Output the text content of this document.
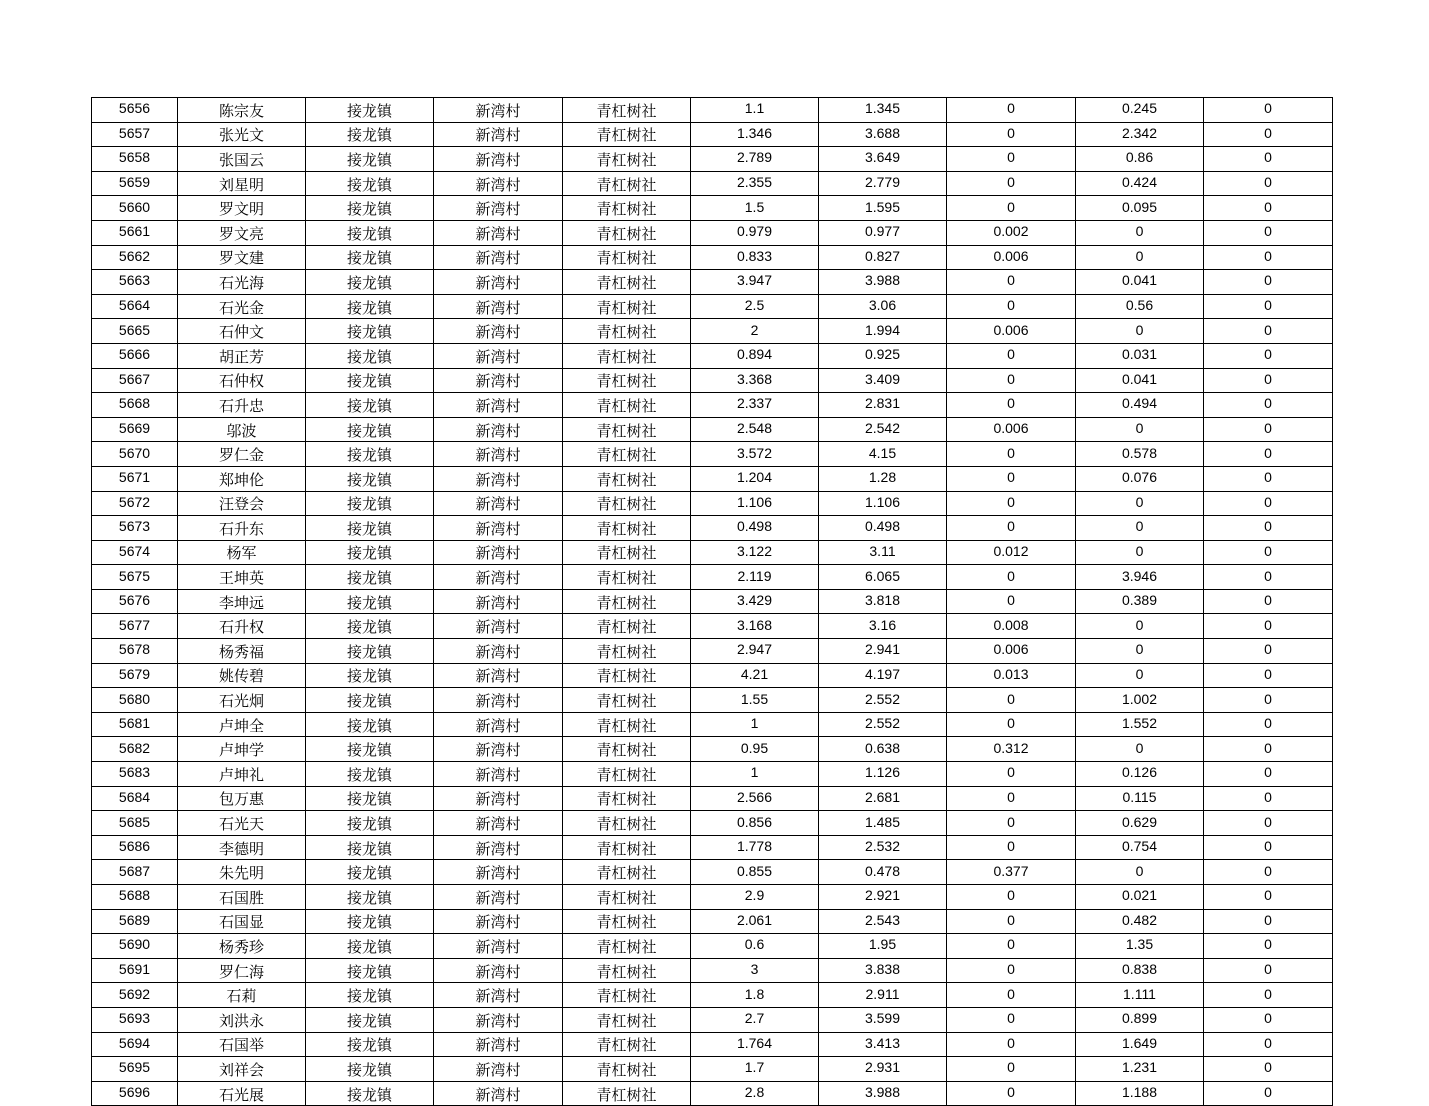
5656	陈宗友	接龙镇	新湾村	青杠树社	1.1	1.345	0	0.245	0
5657	张光文	接龙镇	新湾村	青杠树社	1.346	3.688	0	2.342	0
5658	张国云	接龙镇	新湾村	青杠树社	2.789	3.649	0	0.86	0
5659	刘星明	接龙镇	新湾村	青杠树社	2.355	2.779	0	0.424	0
5660	罗文明	接龙镇	新湾村	青杠树社	1.5	1.595	0	0.095	0
5661	罗文亮	接龙镇	新湾村	青杠树社	0.979	0.977	0.002	0	0
5662	罗文建	接龙镇	新湾村	青杠树社	0.833	0.827	0.006	0	0
5663	石光海	接龙镇	新湾村	青杠树社	3.947	3.988	0	0.041	0
5664	石光金	接龙镇	新湾村	青杠树社	2.5	3.06	0	0.56	0
5665	石仲文	接龙镇	新湾村	青杠树社	2	1.994	0.006	0	0
5666	胡正芳	接龙镇	新湾村	青杠树社	0.894	0.925	0	0.031	0
5667	石仲权	接龙镇	新湾村	青杠树社	3.368	3.409	0	0.041	0
5668	石升忠	接龙镇	新湾村	青杠树社	2.337	2.831	0	0.494	0
5669	邬波	接龙镇	新湾村	青杠树社	2.548	2.542	0.006	0	0
5670	罗仁金	接龙镇	新湾村	青杠树社	3.572	4.15	0	0.578	0
5671	郑坤伦	接龙镇	新湾村	青杠树社	1.204	1.28	0	0.076	0
5672	汪登会	接龙镇	新湾村	青杠树社	1.106	1.106	0	0	0
5673	石升东	接龙镇	新湾村	青杠树社	0.498	0.498	0	0	0
5674	杨军	接龙镇	新湾村	青杠树社	3.122	3.11	0.012	0	0
5675	王坤英	接龙镇	新湾村	青杠树社	2.119	6.065	0	3.946	0
5676	李坤远	接龙镇	新湾村	青杠树社	3.429	3.818	0	0.389	0
5677	石升权	接龙镇	新湾村	青杠树社	3.168	3.16	0.008	0	0
5678	杨秀福	接龙镇	新湾村	青杠树社	2.947	2.941	0.006	0	0
5679	姚传碧	接龙镇	新湾村	青杠树社	4.21	4.197	0.013	0	0
5680	石光炯	接龙镇	新湾村	青杠树社	1.55	2.552	0	1.002	0
5681	卢坤全	接龙镇	新湾村	青杠树社	1	2.552	0	1.552	0
5682	卢坤学	接龙镇	新湾村	青杠树社	0.95	0.638	0.312	0	0
5683	卢坤礼	接龙镇	新湾村	青杠树社	1	1.126	0	0.126	0
5684	包万惠	接龙镇	新湾村	青杠树社	2.566	2.681	0	0.115	0
5685	石光天	接龙镇	新湾村	青杠树社	0.856	1.485	0	0.629	0
5686	李德明	接龙镇	新湾村	青杠树社	1.778	2.532	0	0.754	0
5687	朱先明	接龙镇	新湾村	青杠树社	0.855	0.478	0.377	0	0
5688	石国胜	接龙镇	新湾村	青杠树社	2.9	2.921	0	0.021	0
5689	石国显	接龙镇	新湾村	青杠树社	2.061	2.543	0	0.482	0
5690	杨秀珍	接龙镇	新湾村	青杠树社	0.6	1.95	0	1.35	0
5691	罗仁海	接龙镇	新湾村	青杠树社	3	3.838	0	0.838	0
5692	石莉	接龙镇	新湾村	青杠树社	1.8	2.911	0	1.111	0
5693	刘洪永	接龙镇	新湾村	青杠树社	2.7	3.599	0	0.899	0
5694	石国举	接龙镇	新湾村	青杠树社	1.764	3.413	0	1.649	0
5695	刘祥会	接龙镇	新湾村	青杠树社	1.7	2.931	0	1.231	0
5696	石光展	接龙镇	新湾村	青杠树社	2.8	3.988	0	1.188	0
